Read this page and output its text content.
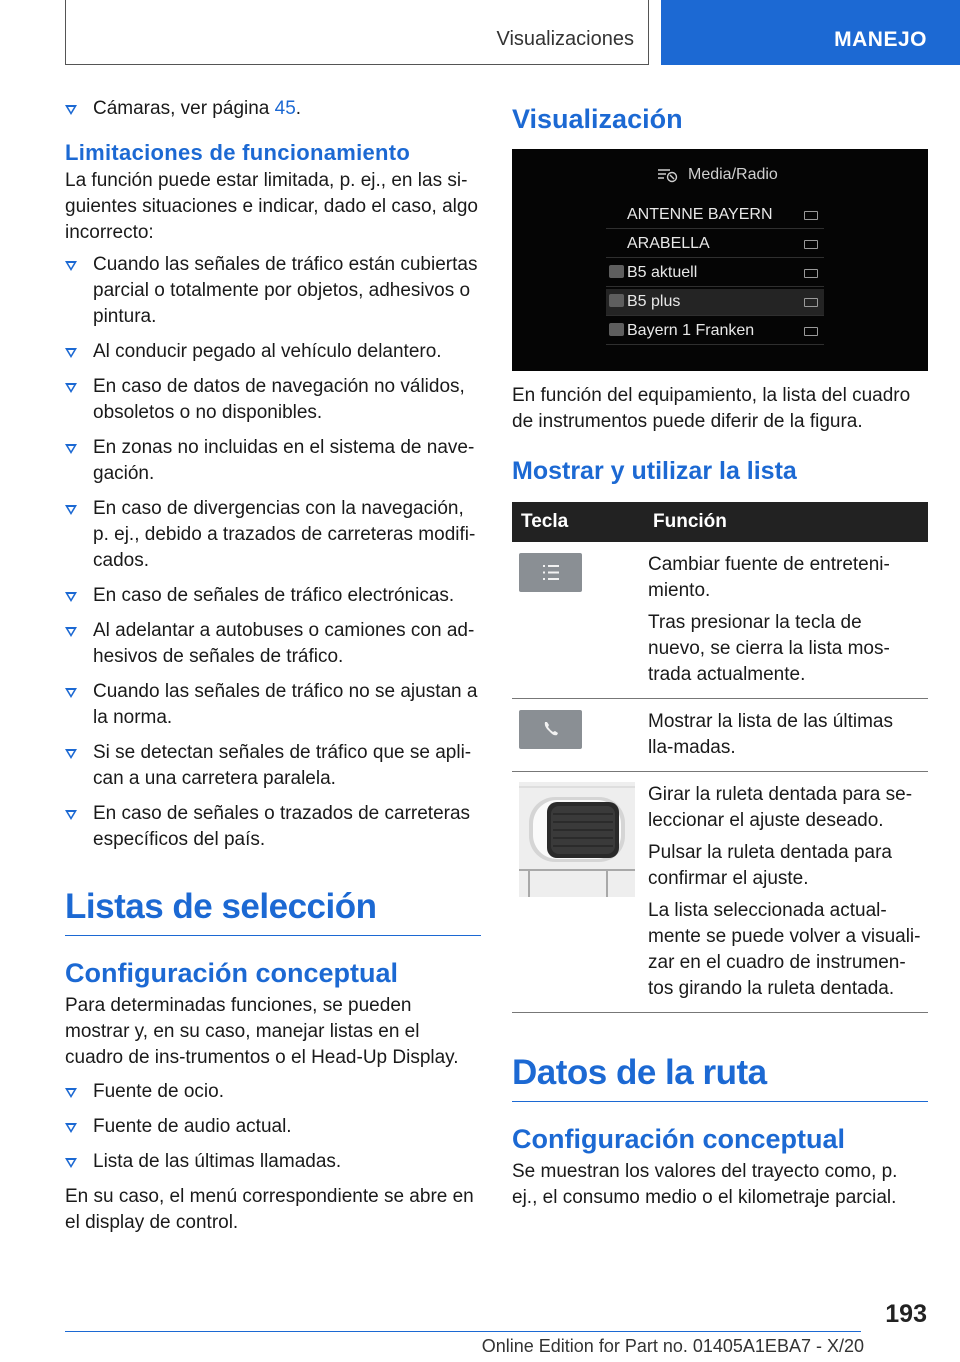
Visualizaciones	MANEJO
Cámaras, ver página 45.
Limitaciones de funcionamiento

La función puede estar limitada, p. ej., en las si‐guientes situaciones e indicar, dado el caso, algo incorrecto:

Cuando las señales de tráfico están cubiertas parcial o totalmente por objetos, adhesivos o pintura.
Al conducir pegado al vehículo delantero.
En caso de datos de navegación no válidos, obsoletos o no disponibles.
En zonas no incluidas en el sistema de nave‐gación.
En caso de divergencias con la navegación, p. ej., debido a trazados de carreteras modifi‐cados.
En caso de señales de tráfico electrónicas.
Al adelantar a autobuses o camiones con ad‐hesivos de señales de tráfico.
Cuando las señales de tráfico no se ajustan a la norma.
Si se detectan señales de tráfico que se apli‐can a una carretera paralela.
En caso de señales o trazados de carreteras específicos del país.
Listas de selección
Configuración conceptual

Para determinadas funciones, se pueden mostrar y, en su caso, manejar listas en el cuadro de ins‐trumentos o el Head-Up Display.

Fuente de ocio.
Fuente de audio actual.
Lista de las últimas llamadas.

En su caso, el menú correspondiente se abre en el display de control.

Visualización
Media/Radio
ANTENNE BAYERN
ARABELLA
B5 aktuell
B5 plus
Bayern 1 Franken

En función del equipamiento, la lista del cuadro de instrumentos puede diferir de la figura.

Mostrar y utilizar la lista
Tecla	Función

Cambiar fuente de entreteni‐miento.

Tras presionar la tecla de nuevo, se cierra la lista mos‐trada actualmente.

Mostrar la lista de las últimas lla‐madas.

Girar la ruleta dentada para se‐leccionar el ajuste deseado.

Pulsar la ruleta dentada para confirmar el ajuste.

La lista seleccionada actual‐mente se puede volver a visuali‐zar en el cuadro de instrumen‐tos girando la ruleta dentada.

Datos de la ruta
Configuración conceptual

Se muestran los valores del trayecto como, p. ej., el consumo medio o el kilometraje parcial.

193
Online Edition for Part no. 01405A1EBA7 - X/20
